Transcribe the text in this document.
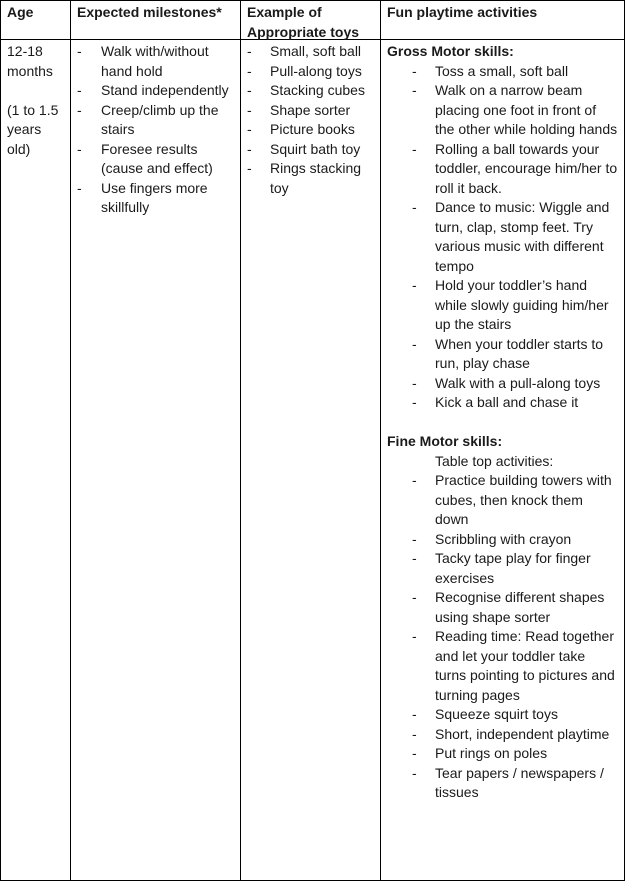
Age	Expected milestones*	Example of Appropriate toys
Fun playtime activities
12-18 months
(1 to 1.5 years old)
- Walk with/without hand hold
- Stand independently
- Creep/climb up the stairs
- Foresee results (cause and effect)
- Use fingers more skillfully
- Small, soft ball
- Pull-along toys
- Stacking cubes
- Shape sorter
- Picture books
- Squirt bath toy
- Rings stacking toy
Gross Motor skills:
- Toss a small, soft ball
- Walk on a narrow beam placing one foot in front of the other while holding hands
- Rolling a ball towards your toddler, encourage him/her to roll it back.
- Dance to music: Wiggle and turn, clap, stomp feet. Try various music with different tempo
- Hold your toddler’s hand while slowly guiding him/her up the stairs
- When your toddler starts to run, play chase
- Walk with a pull-along toys
- Kick a ball and chase it
Fine Motor skills:
Table top activities:
- Practice building towers with cubes, then knock them down
- Scribbling with crayon
- Tacky tape play for finger exercises
- Recognise different shapes using shape sorter
- Reading time: Read together and let your toddler take turns pointing to pictures and turning pages
- Squeeze squirt toys
- Short, independent playtime
- Put rings on poles
- Tear papers / newspapers / tissues
